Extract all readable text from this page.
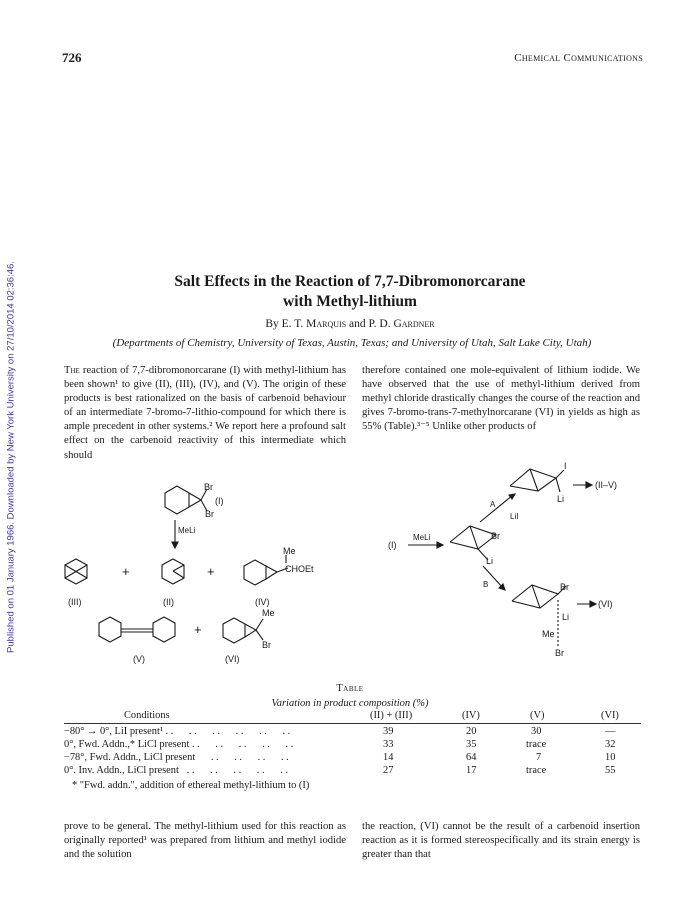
726	Chemical Communications
Published on 01 January 1966. Downloaded by New York University on 27/10/2014 02:36:46.	Salt Effects in the Reaction of 7,7-Dibromonorcarane
with Methyl-lithium
By E. T. Marquis and P. D. Gardner
(Departments of Chemistry, University of Texas, Austin, Texas; and University of Utah, Salt Lake City, Utah)

The reaction of 7,7-dibromonorcarane (I) with methyl-lithium has been shown¹ to give (II), (III), (IV), and (V). The origin of these products is best rationalized on the basis of carbenoid behaviour of an intermediate 7-bromo-7-lithio-compound for which there is ample precedent in other systems.² We report here a profound salt effect on the carbenoid reactivity of this intermediate which should

therefore contained one mole-equivalent of lithium iodide. We have observed that the use of methyl-lithium derived from methyl chloride drastically changes the course of the reaction and gives 7-bromo-trans-7-methylnorcarane (VI) in yields as high as 55% (Table).³⁻⁵ Unlike other products of

Br
Br
(I)
MeLi
(III)
+
(II)
+
Me
CHOEt
(IV)
(V)
+
Me
Br
(VI)
(I)
MeLi	Br
Li
A
LiI
I
Li
(II–V)
B	Br
Li
Me
Br
(VI)
Table
Variation in product composition (%)
Conditions	(II) + (III)	(IV)	(V)	(VI)
−80° → 0°, LiI present¹ . .      . .      . .      . .      . .      . .	39	20	30	—
0°, Fwd. Addn.,* LiCl present . .      . .      . .      . .      . .	33	35	trace	32
−78°, Fwd. Addn., LiCl present      . .      . .      . .      . .	14	64	7	10
0°. Inv. Addn., LiCl present   . .      . .      . .      . .      . .	27	17	trace	55
* "Fwd. addn.", addition of ethereal methyl-lithium to (I)

prove to be general. The methyl-lithium used for this reaction as originally reported¹ was prepared from lithium and methyl iodide and the solution

the reaction, (VI) cannot be the result of a carbenoid insertion reaction as it is formed stereospecifically and its strain energy is greater than that
